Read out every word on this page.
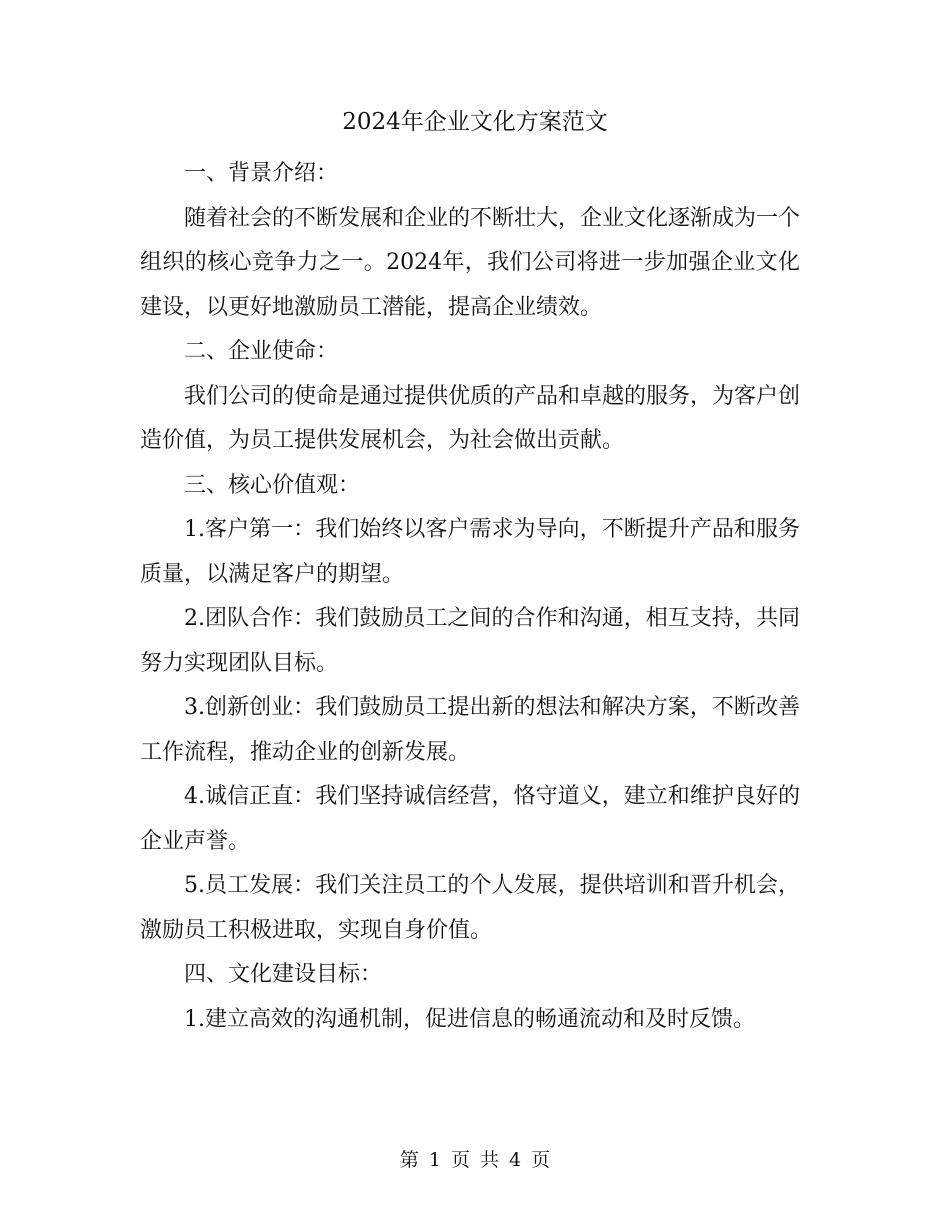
2024年企业文化方案范文

一、背景介绍：

随着社会的不断发展和企业的不断壮大，企业文化逐渐成为一个组织的核心竞争力之一。2024年，我们公司将进一步加强企业文化建设，以更好地激励员工潜能，提高企业绩效。

二、企业使命：

我们公司的使命是通过提供优质的产品和卓越的服务，为客户创造价值，为员工提供发展机会，为社会做出贡献。

三、核心价值观：

1.客户第一：我们始终以客户需求为导向，不断提升产品和服务质量，以满足客户的期望。

2.团队合作：我们鼓励员工之间的合作和沟通，相互支持，共同努力实现团队目标。

3.创新创业：我们鼓励员工提出新的想法和解决方案，不断改善工作流程，推动企业的创新发展。

4.诚信正直：我们坚持诚信经营，恪守道义，建立和维护良好的企业声誉。

5.员工发展：我们关注员工的个人发展，提供培训和晋升机会，激励员工积极进取，实现自身价值。

四、文化建设目标：

1.建立高效的沟通机制，促进信息的畅通流动和及时反馈。

第 1 页 共 4 页
